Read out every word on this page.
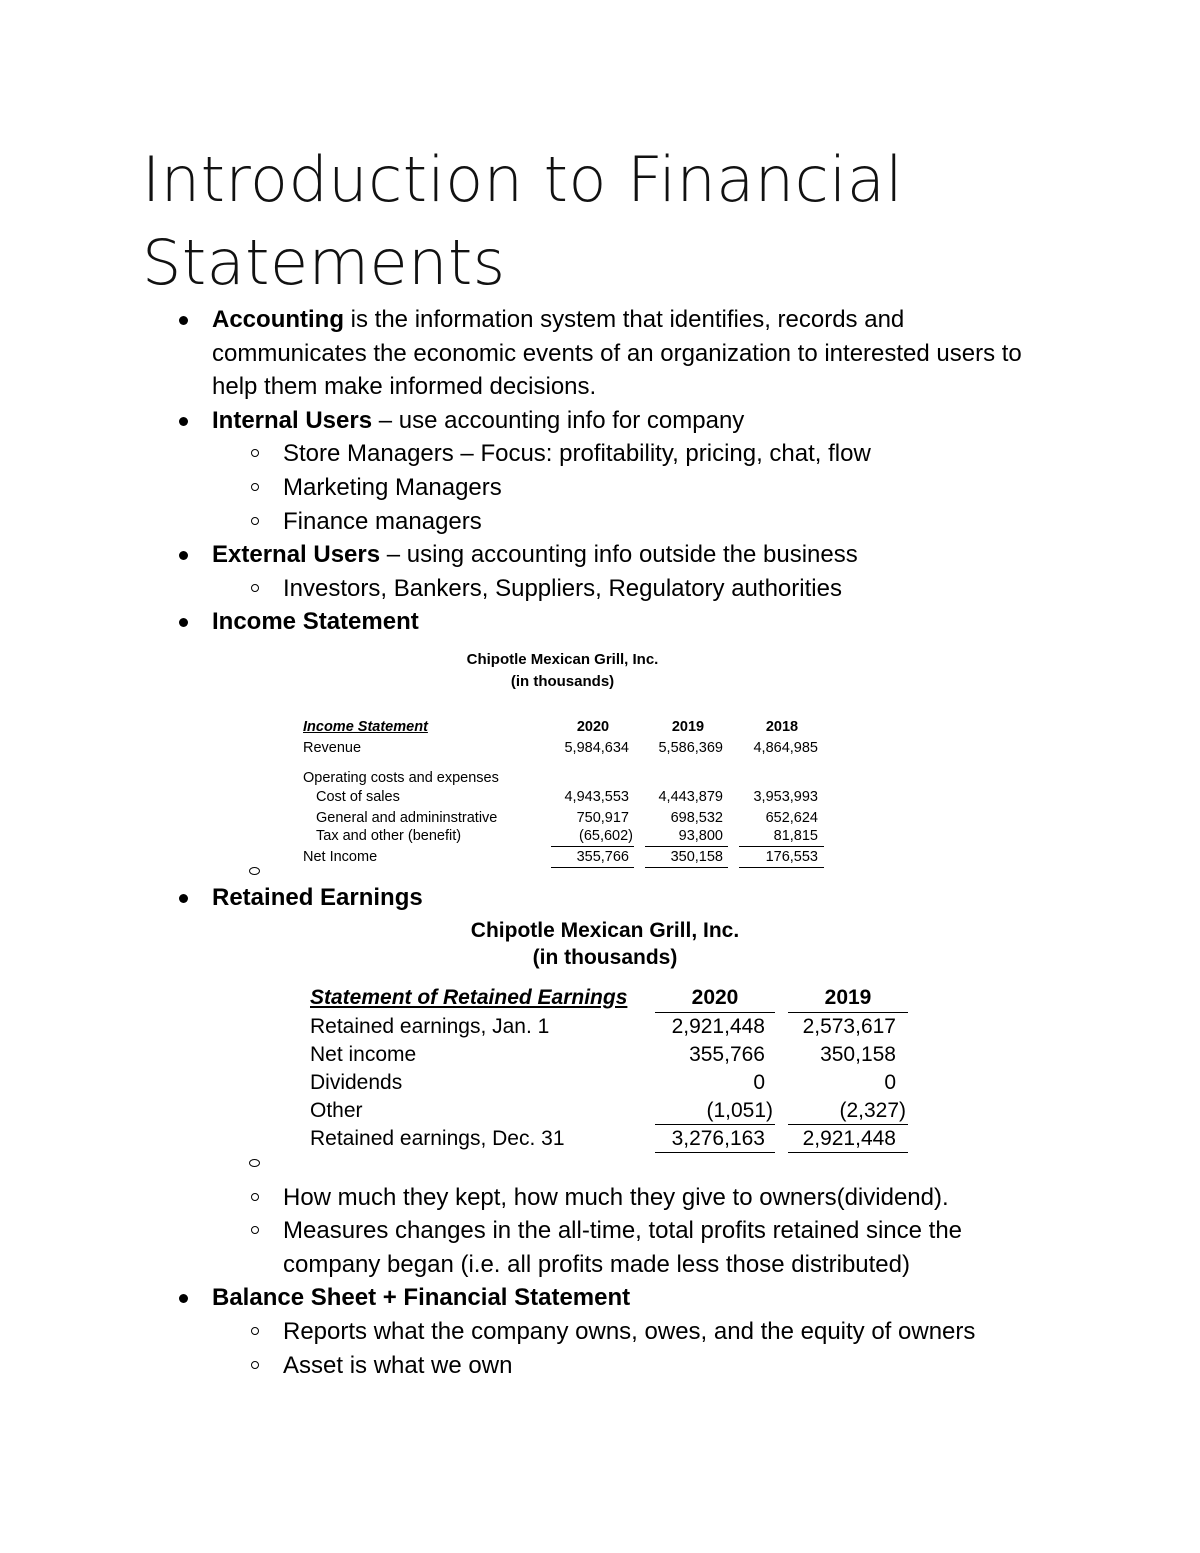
Introduction to Financial Statements
Accounting is the information system that identifies, records and communicates the economic events of an organization to interested users to help them make informed decisions.
Internal Users – use accounting info for company
Store Managers – Focus: profitability, pricing, chat, flow
Marketing Managers
Finance managers
External Users – using accounting info outside the business
Investors, Bankers, Suppliers, Regulatory authorities
Income Statement
Chipotle Mexican Grill, Inc.
(in thousands)
Income Statement	2020	2019	2018
Revenue	5,984,634	5,586,369	4,864,985
Operating costs and expenses
Cost of sales	4,943,553	4,443,879	3,953,993
General and admininstrative	750,917	698,532	652,624
Tax and other (benefit)	(65,602)	93,800	81,815
Net Income	355,766	350,158	176,553
Retained Earnings
Chipotle Mexican Grill, Inc.
(in thousands)
Statement of Retained Earnings	2020	2019
Retained earnings, Jan. 1	2,921,448	2,573,617
Net income	355,766	350,158
Dividends	0	0
Other	(1,051)	(2,327)
Retained earnings, Dec. 31	3,276,163	2,921,448
How much they kept, how much they give to owners(dividend).
Measures changes in the all-time, total profits retained since the company began (i.e. all profits made less those distributed)
Balance Sheet + Financial Statement
Reports what the company owns, owes, and the equity of owners
Asset is what we own
